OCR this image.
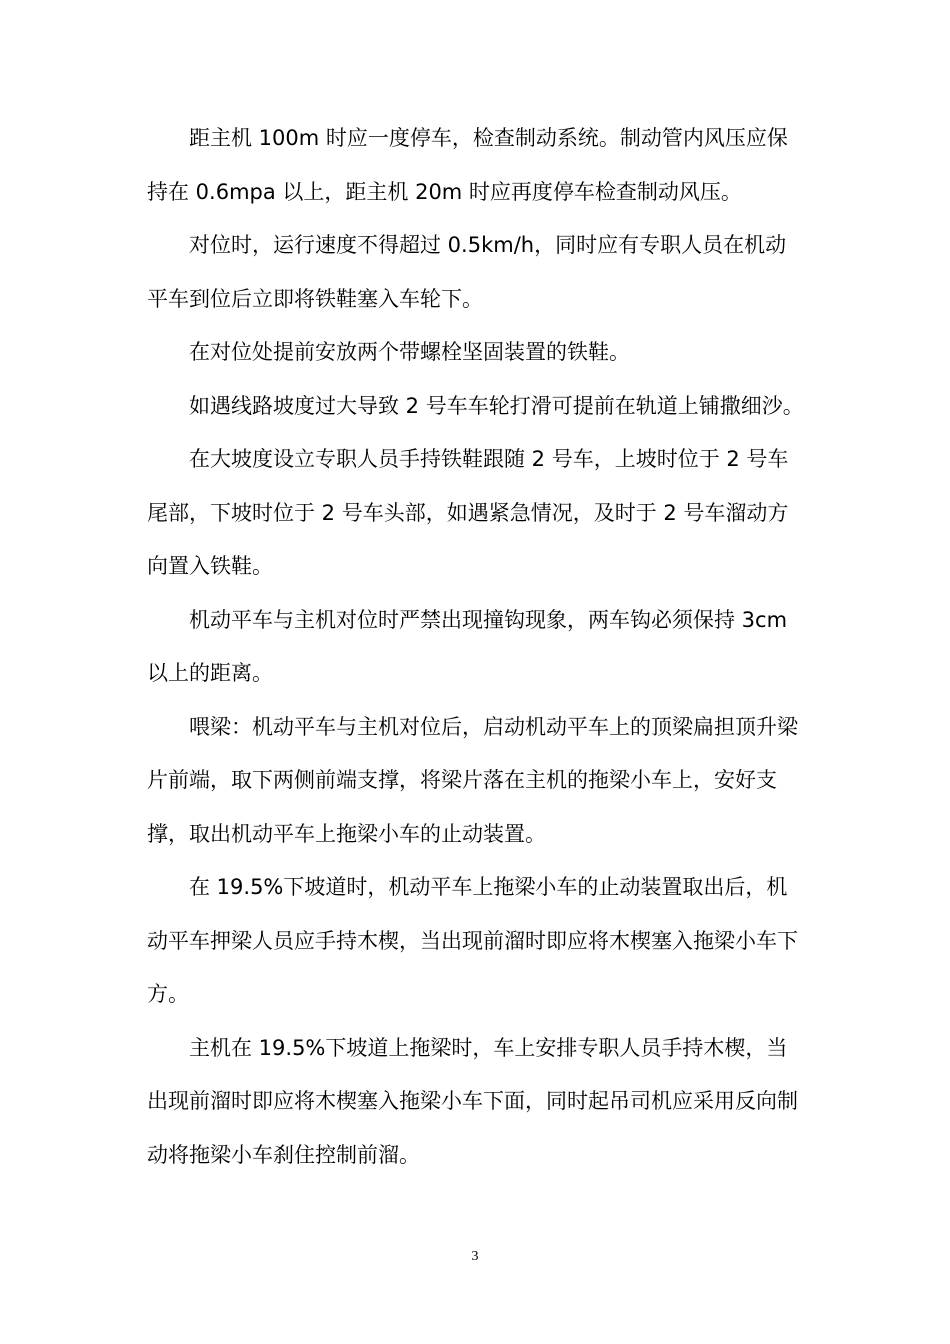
距主机 100m 时应一度停车，检查制动系统。制动管内风压应保持在 0.6mpa 以上，距主机 20m 时应再度停车检查制动风压。

对位时，运行速度不得超过 0.5km/h，同时应有专职人员在机动平车到位后立即将铁鞋塞入车轮下。

在对位处提前安放两个带螺栓坚固装置的铁鞋。

如遇线路坡度过大导致 2 号车车轮打滑可提前在轨道上铺撒细沙。

在大坡度设立专职人员手持铁鞋跟随 2 号车，上坡时位于 2 号车尾部，下坡时位于 2 号车头部，如遇紧急情况，及时于 2 号车溜动方向置入铁鞋。

机动平车与主机对位时严禁出现撞钩现象，两车钩必须保持 3cm 以上的距离。

喂梁：机动平车与主机对位后，启动机动平车上的顶梁扁担顶升梁片前端，取下两侧前端支撑，将梁片落在主机的拖梁小车上，安好支撑，取出机动平车上拖梁小车的止动装置。

在 19.5%下坡道时，机动平车上拖梁小车的止动装置取出后，机动平车押梁人员应手持木楔，当出现前溜时即应将木楔塞入拖梁小车下方。

主机在 19.5%下坡道上拖梁时，车上安排专职人员手持木楔，当出现前溜时即应将木楔塞入拖梁小车下面，同时起吊司机应采用反向制动将拖梁小车刹住控制前溜。

3
